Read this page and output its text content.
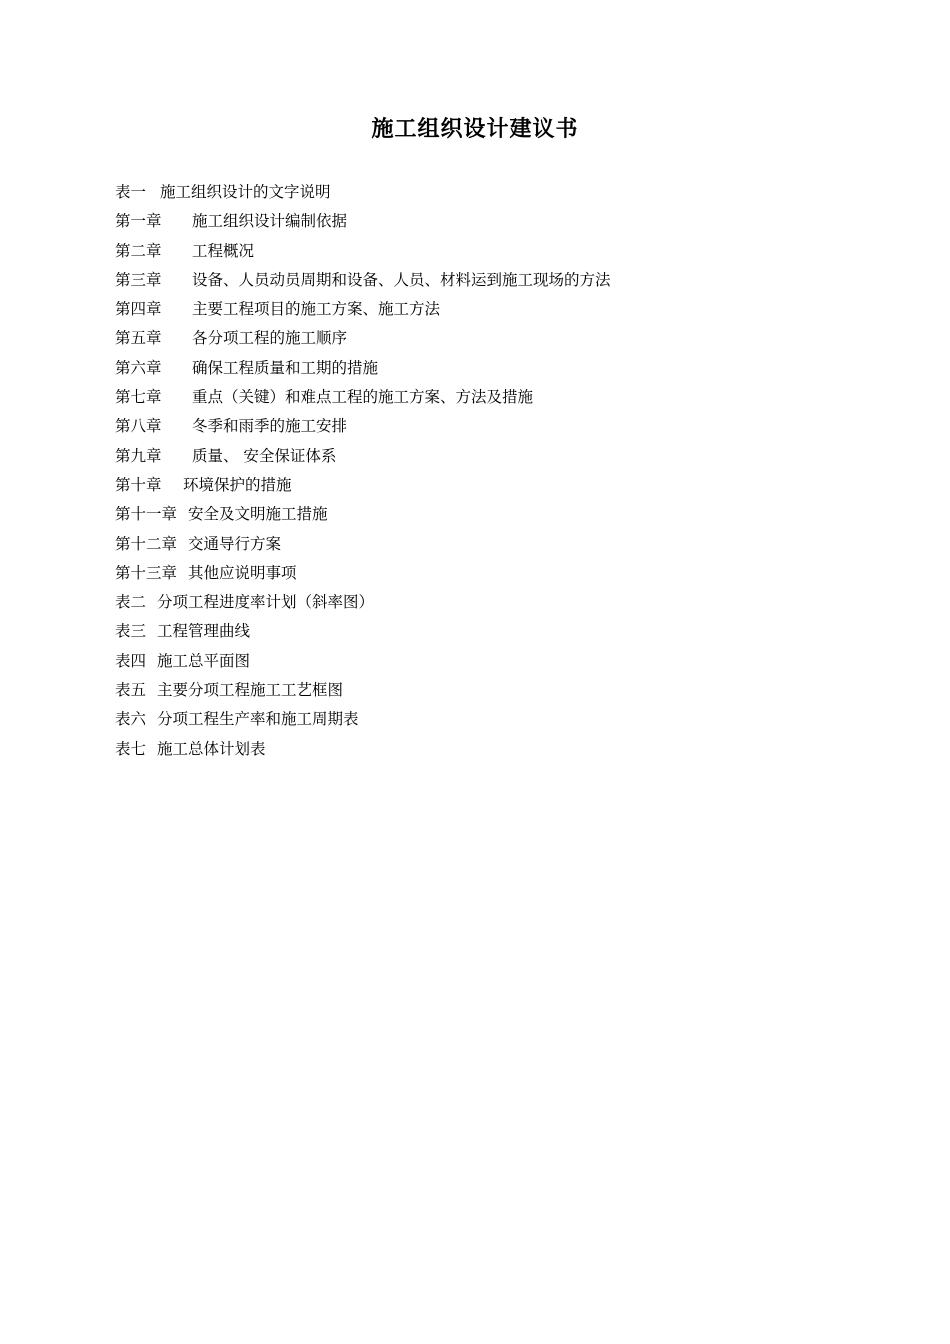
施工组织设计建议书
表一 施工组织设计的文字说明
第一章	施工组织设计编制依据
第二章	工程概况
第三章	设备、人员动员周期和设备、人员、材料运到施工现场的方法
第四章	主要工程项目的施工方案、施工方法
第五章	各分项工程的施工顺序
第六章	确保工程质量和工期的措施
第七章	重点（关键）和难点工程的施工方案、方法及措施
第八章	冬季和雨季的施工安排
第九章	质量、 安全保证体系
第十章	环境保护的措施
第十一章 安全及文明施工措施
第十二章 交通导行方案
第十三章 其他应说明事项
表二 分项工程进度率计划（斜率图）
表三 工程管理曲线
表四 施工总平面图
表五 主要分项工程施工工艺框图
表六 分项工程生产率和施工周期表
表七 施工总体计划表
